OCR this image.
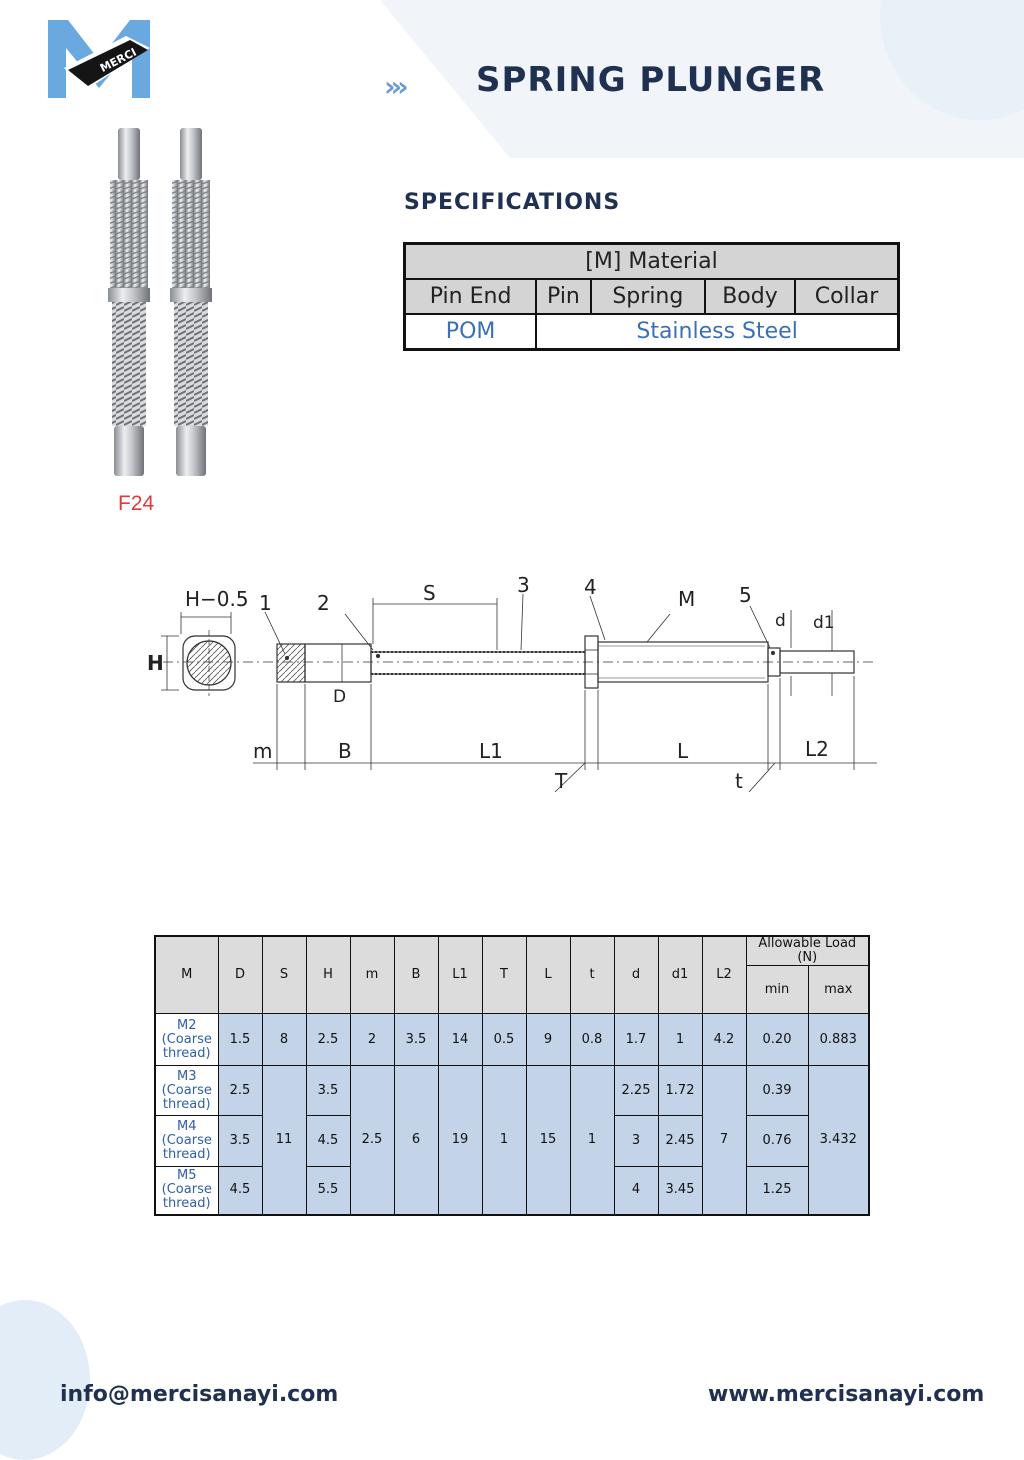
MERCI
››› SPRING PLUNGER
F24
SPECIFICATIONS
[M] Material				
Pin End	Pin	Spring	Body	Collar
POM	Stainless Steel			
H−0.5
H
1 2	S	3	4	M 5
d d1
D
m	B	L1	L	L2
T	t
M	D	S	H	m	B	L1	T	L	t	d	d1	L2	Allowable Load (N)	
													min	max
M2 (Coarse thread)	1.5	8	2.5	2	3.5	14	0.5	9	0.8	1.7	1	4.2	0.20	0.883
M3 (Coarse thread)	2.5	11	3.5	2.5	6	19	1	15	1	2.25	1.72	7	0.39	3.432
M4 (Coarse thread)	3.5		4.5							3	2.45		0.76	
M5 (Coarse thread)	4.5		5.5							4	3.45		1.25	

info@mercisanayi.com	www.mercisanayi.com
